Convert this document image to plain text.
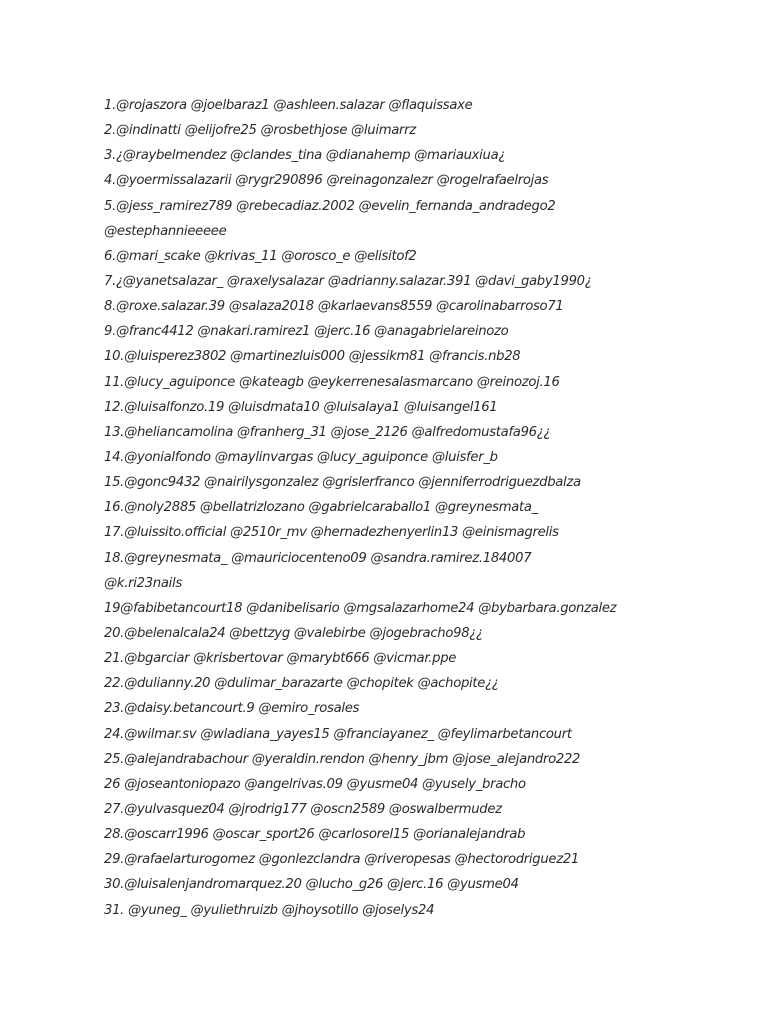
1.@rojaszora @joelbaraz1 @ashleen.salazar @flaquissaxe
2.@indinatti @elijofre25 @rosbethjose @luimarrz
3.¿@raybelmendez @clandes_tina @dianahemp @mariauxiua¿
4.@yoermissalazarii @rygr290896 @reinagonzalezr @rogelrafaelrojas
5.@jess_ramirez789 @rebecadiaz.2002 @evelin_fernanda_andradego2
@estephannieeeee
6.@mari_scake @krivas_11 @orosco_e @elisitof2
7.¿@yanetsalazar_ @raxelysalazar @adrianny.salazar.391 @davi_gaby1990¿
8.@roxe.salazar.39 @salaza2018 @karlaevans8559 @carolinabarroso71
9.@franc4412 @nakari.ramirez1 @jerc.16 @anagabrielareinozo
10.@luisperez3802 @martinezluis000 @jessikm81 @francis.nb28
11.@lucy_aguiponce @kateagb @eykerrenesalasmarcano @reinozoj.16
12.@luisalfonzo.19 @luisdmata10 @luisalaya1 @luisangel161
13.@heliancamolina @franherg_31 @jose_2126 @alfredomustafa96¿¿
14.@yonialfondo @maylinvargas @lucy_aguiponce @luisfer_b
15.@gonc9432 @nairilysgonzalez @grislerfranco @jenniferrodriguezdbalza
16.@noly2885 @bellatrizlozano @gabrielcaraballo1 @greynesmata_
17.@luissito.official @2510r_mv @hernadezhenyerlin13 @einismagrelis
18.@greynesmata_ @mauriciocenteno09 @sandra.ramirez.184007
@k.ri23nails
19@fabibetancourt18 @danibelisario @mgsalazarhome24 @bybarbara.gonzalez
20.@belenalcala24 @bettzyg @valebirbe @jogebracho98¿¿
21.@bgarciar @krisbertovar @marybt666 @vicmar.ppe
22.@dulianny.20 @dulimar_barazarte @chopitek @achopite¿¿
23.@daisy.betancourt.9 @emiro_rosales
24.@wilmar.sv @wladiana_yayes15 @franciayanez_ @feylimarbetancourt
25.@alejandrabachour @yeraldin.rendon @henry_jbm @jose_alejandro222
26 @joseantoniopazo @angelrivas.09 @yusme04 @yusely_bracho
27.@yulvasquez04 @jrodrig177 @oscn2589 @oswalbermudez
28.@oscarr1996 @oscar_sport26 @carlosorel15 @orianalejandrab
29.@rafaelarturogomez @gonlezclandra @riveropesas @hectorodriguez21
30.@luisalenjandromarquez.20 @lucho_g26 @jerc.16 @yusme04
31. @yuneg_ @yuliethruizb @jhoysotillo @joselys24
